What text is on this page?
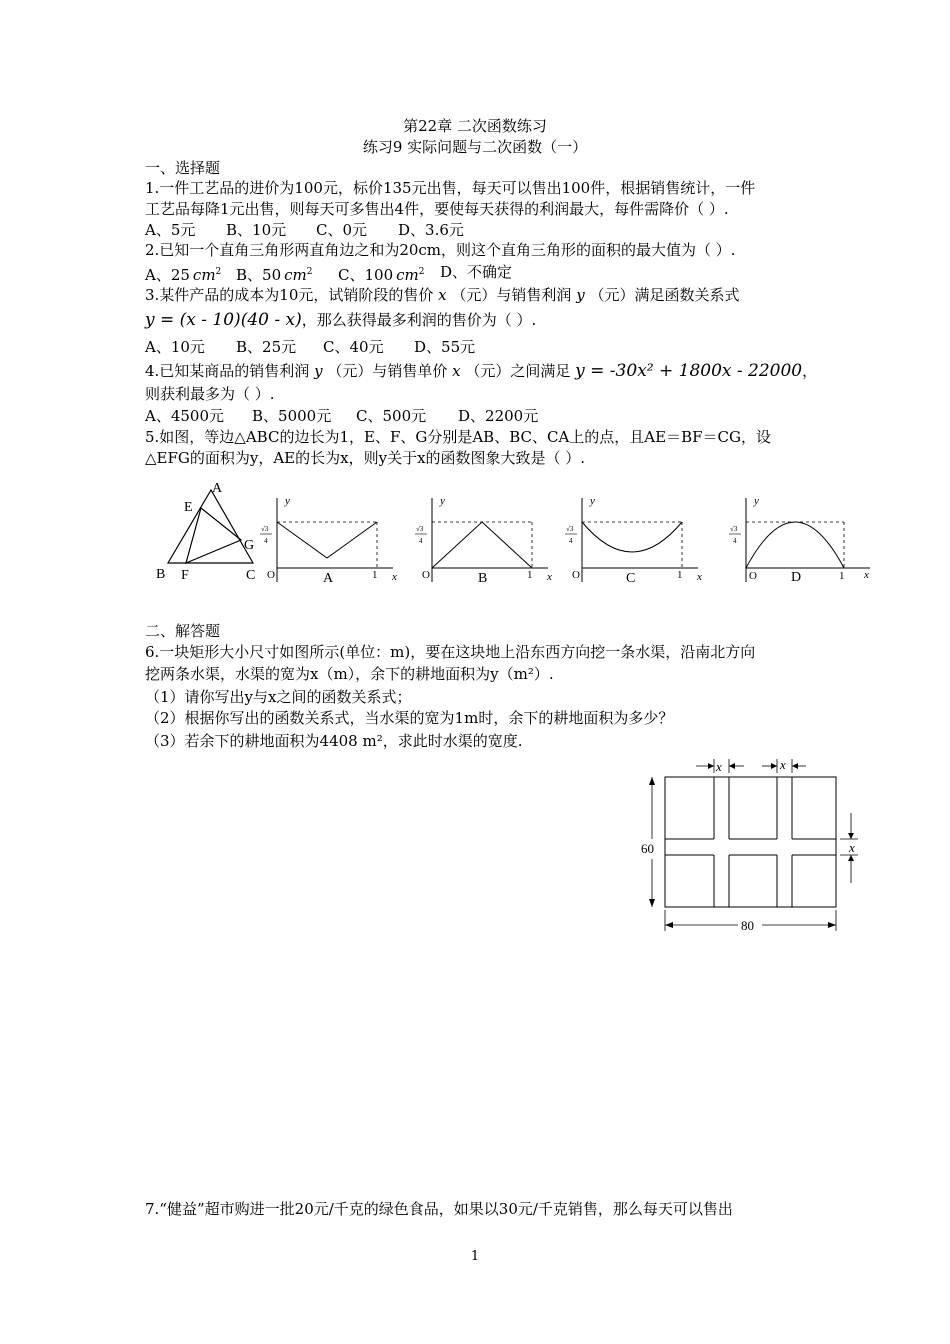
第22章 二次函数练习
练习9 实际问题与二次函数（一）
一、选择题
1.一件工艺品的进价为100元，标价135元出售，每天可以售出100件，根据销售统计，一件
工艺品每降1元出售，则每天可多售出4件，要使每天获得的利润最大，每件需降价（ ）.
A、5元 B、10元 C、0元 D、3.6元
2.已知一个直角三角形两直角边之和为20cm，则这个直角三角形的面积的最大值为（ ）.
A、25 $cm^2$ B、50 $cm^2$ C、100 $cm^2$ D、不确定
3.某件产品的成本为10元，试销阶段的售价 x （元）与销售利润 y （元）满足函数关系式
y = (x - 10)(40 - x)，那么获得最多利润的售价为（ ）.
A、10元 B、25元 C、40元 D、55元
4.已知某商品的销售利润 y （元）与销售单价 x （元）之间满足 y = -30x² + 1800x - 22000，
则获利最多为（ ）.
A、4500元 B、5000元 C、500元 D、2200元
5.如图，等边△ABC的边长为1，E、F、G分别是AB、BC、CA上的点，且AE＝BF＝CG，设
△EFG的面积为y，AE的长为x，则y关于x的函数图象大致是（ ）.
A
E
G
B F	C
y
√3
4
O	1 x
A
y
√3
4
O	1 x
B
y
√3
4
O	1 x
C
y
√3
4
O	1 x
D
二、解答题
6.一块矩形大小尺寸如图所示(单位：m)，要在这块地上沿东西方向挖一条水渠，沿南北方向
挖两条水渠，水渠的宽为x（m），余下的耕地面积为y（m²）.
（1）请你写出y与x之间的函数关系式；
（2）根据你写出的函数关系式，当水渠的宽为1m时，余下的耕地面积为多少？
（3）若余下的耕地面积为4408 m²，求此时水渠的宽度.
x	x
60	x
80
7.“健益”超市购进一批20元/千克的绿色食品，如果以30元/千克销售，那么每天可以售出
1
